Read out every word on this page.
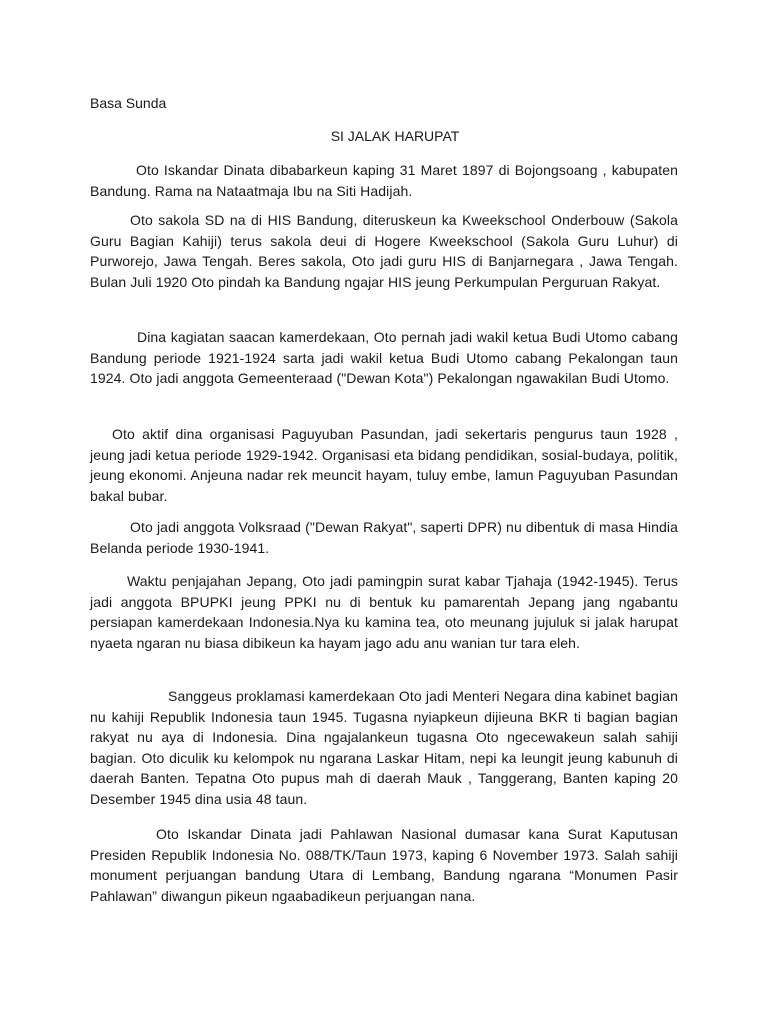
Basa Sunda

SI JALAK HARUPAT

Oto Iskandar Dinata dibabarkeun kaping 31 Maret 1897 di Bojongsoang , kabupaten Bandung. Rama na Nataatmaja Ibu na Siti Hadijah.

Oto sakola SD na di HIS Bandung, diteruskeun ka Kweekschool Onderbouw (Sakola Guru Bagian Kahiji) terus sakola deui di Hogere Kweekschool (Sakola Guru Luhur) di Purworejo, Jawa Tengah. Beres sakola, Oto jadi guru HIS di Banjarnegara , Jawa Tengah. Bulan Juli 1920 Oto pindah ka Bandung ngajar HIS jeung Perkumpulan Perguruan Rakyat.

Dina kagiatan saacan kamerdekaan, Oto pernah jadi wakil ketua Budi Utomo cabang Bandung periode 1921-1924 sarta jadi wakil ketua Budi Utomo cabang Pekalongan taun 1924. Oto jadi anggota Gemeenteraad ("Dewan Kota") Pekalongan ngawakilan Budi Utomo.

Oto aktif dina organisasi Paguyuban Pasundan, jadi sekertaris pengurus taun 1928 , jeung jadi ketua periode 1929-1942. Organisasi eta bidang pendidikan, sosial-budaya, politik, jeung ekonomi. Anjeuna nadar rek meuncit hayam, tuluy embe, lamun Paguyuban Pasundan bakal bubar.

Oto jadi anggota Volksraad ("Dewan Rakyat", saperti DPR) nu dibentuk di masa Hindia Belanda periode 1930-1941.

Waktu penjajahan Jepang, Oto jadi pamingpin surat kabar Tjahaja (1942-1945). Terus jadi anggota BPUPKI jeung PPKI nu di bentuk ku pamarentah Jepang jang ngabantu persiapan kamerdekaan Indonesia.Nya ku kamina tea, oto meunang jujuluk si jalak harupat nyaeta ngaran nu biasa dibikeun ka hayam jago adu anu wanian tur tara eleh.

Sanggeus proklamasi kamerdekaan Oto jadi Menteri Negara dina kabinet bagian nu kahiji Republik Indonesia taun 1945. Tugasna nyiapkeun dijieuna BKR ti bagian bagian rakyat nu aya di Indonesia. Dina ngajalankeun tugasna Oto ngecewakeun salah sahiji bagian. Oto diculik ku kelompok nu ngarana Laskar Hitam, nepi ka leungit jeung kabunuh di daerah Banten. Tepatna Oto pupus mah di daerah Mauk , Tanggerang, Banten kaping 20 Desember 1945 dina usia 48 taun.

Oto Iskandar Dinata jadi Pahlawan Nasional dumasar kana Surat Kaputusan Presiden Republik Indonesia No. 088/TK/Taun 1973, kaping 6 November 1973. Salah sahiji monument perjuangan bandung Utara di Lembang, Bandung ngarana “Monumen Pasir Pahlawan” diwangun pikeun ngaabadikeun perjuangan nana.
